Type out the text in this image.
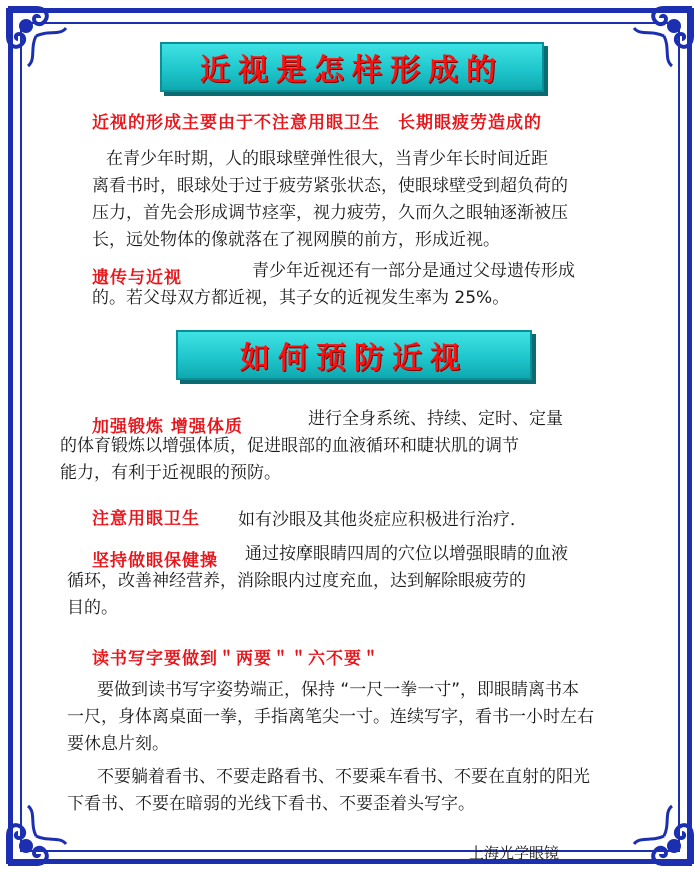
近视是怎样形成的
近视的形成主要由于不注意用眼卫生　长期眼疲劳造成的

在青少年时期，人的眼球壁弹性很大，当青少年长时间近距

离看书时，眼球处于过于疲劳紧张状态，使眼球壁受到超负荷的

压力，首先会形成调节痉挛，视力疲劳，久而久之眼轴逐渐被压

长，远处物体的像就落在了视网膜的前方，形成近视。

遗传与近视	青少年近视还有一部分是通过父母遗传形成

的。若父母双方都近视，其子女的近视发生率为 25%。

如何预防近视
加强锻炼 增强体质	进行全身系统、持续、定时、定量

的体育锻炼以增强体质，促进眼部的血液循环和睫状肌的调节

能力，有利于近视眼的预防。

注意用眼卫生 如有沙眼及其他炎症应积极进行治疗．
坚持做眼保健操	通过按摩眼睛四周的穴位以增强眼睛的血液

循环，改善神经营养，消除眼内过度充血，达到解除眼疲劳的

目的。

读书写字要做到＂两要＂＂六不要＂

要做到读书写字姿势端正，保持 “一尺一拳一寸”，即眼睛离书本

一尺，身体离桌面一拳，手指离笔尖一寸。连续写字，看书一小时左右

要休息片刻。

不要躺着看书、不要走路看书、不要乘车看书、不要在直射的阳光

下看书、不要在暗弱的光线下看书、不要歪着头写字。

上海光学眼镜
